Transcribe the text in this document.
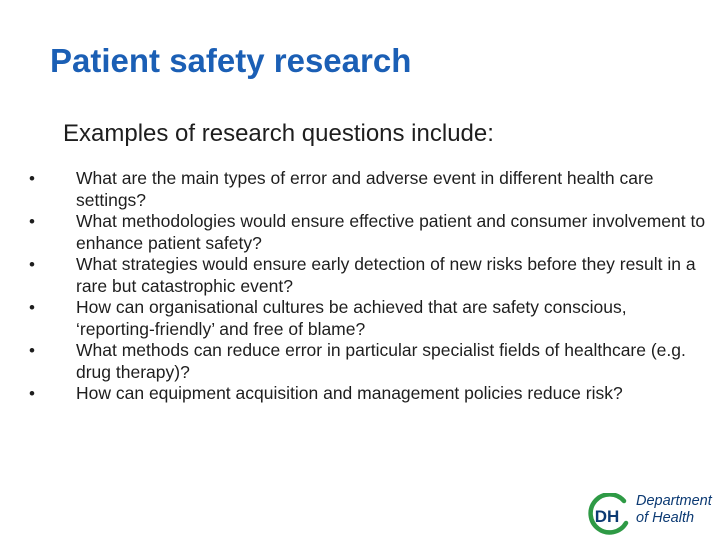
Patient safety research
Examples of research questions include:
• What are the main types of error and adverse event in different health care settings?
• What methodologies would ensure effective patient and consumer involvement to enhance patient safety?
• What strategies would ensure early detection of new risks before they result in a rare but catastrophic event?
• How can organisational cultures be achieved that are safety conscious, ‘reporting-friendly’ and free of blame?
• What methods can reduce error in particular specialist fields of healthcare (e.g. drug therapy)?
• How can equipment acquisition and management policies reduce risk?
DH
Department
of Health
